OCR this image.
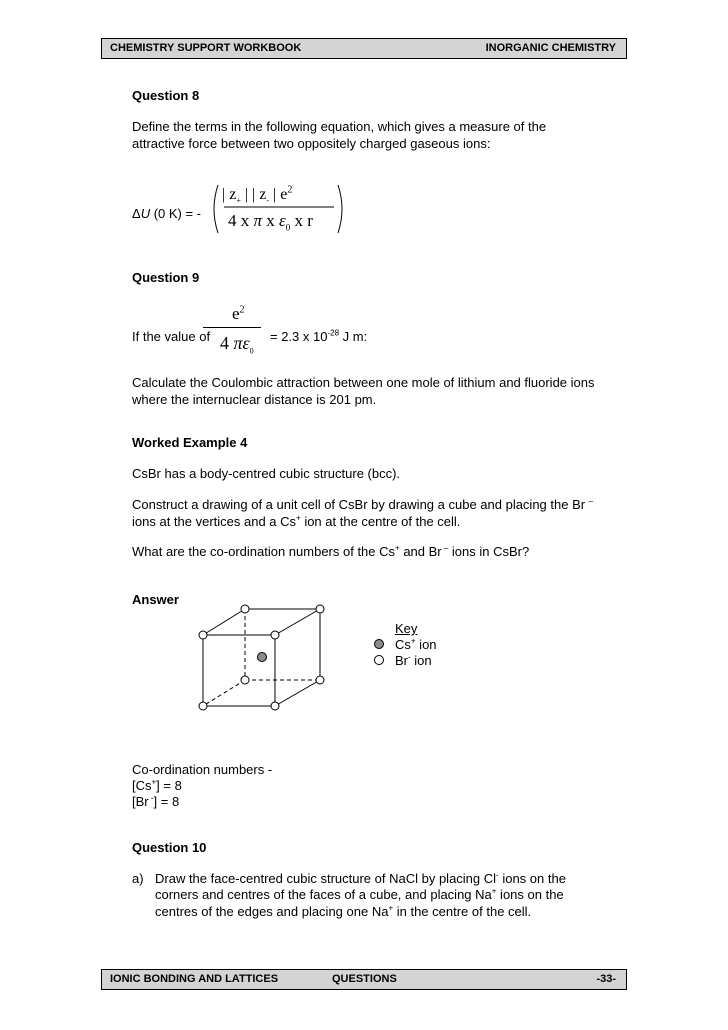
CHEMISTRY SUPPORT WORKBOOK	INORGANIC CHEMISTRY
Question 8
Define the terms in the following equation, which gives a measure of the
attractive force between two oppositely charged gaseous ions:
ΔU (0 K) = -
| $z_+$ | | $z_-$ | $e^2$
4 x π x $\varepsilon_0$ x r
Question 9
If the value of
$e^2$
4 $\pi\varepsilon_0$
= 2.3 x $10^{-28}$ J m:
Calculate the Coulombic attraction between one mole of lithium and fluoride ions
where the internuclear distance is 201 pm.
Worked Example 4
CsBr has a body-centred cubic structure (bcc).
Construct a drawing of a unit cell of CsBr by drawing a cube and placing the Br –
ions at the vertices and a Cs+ ion at the centre of the cell.
What are the co-ordination numbers of the Cs+ and Br – ions in CsBr?
Answer
Key
Cs+ ion
Br- ion
Co-ordination numbers -
[Cs+] = 8
[Br -] = 8
Question 10
a) Draw the face-centred cubic structure of NaCl by placing Cl- ions on the
corners and centres of the faces of a cube, and placing Na+ ions on the
centres of the edges and placing one Na+ in the centre of the cell.
IONIC BONDING AND LATTICES	QUESTIONS	-33-
